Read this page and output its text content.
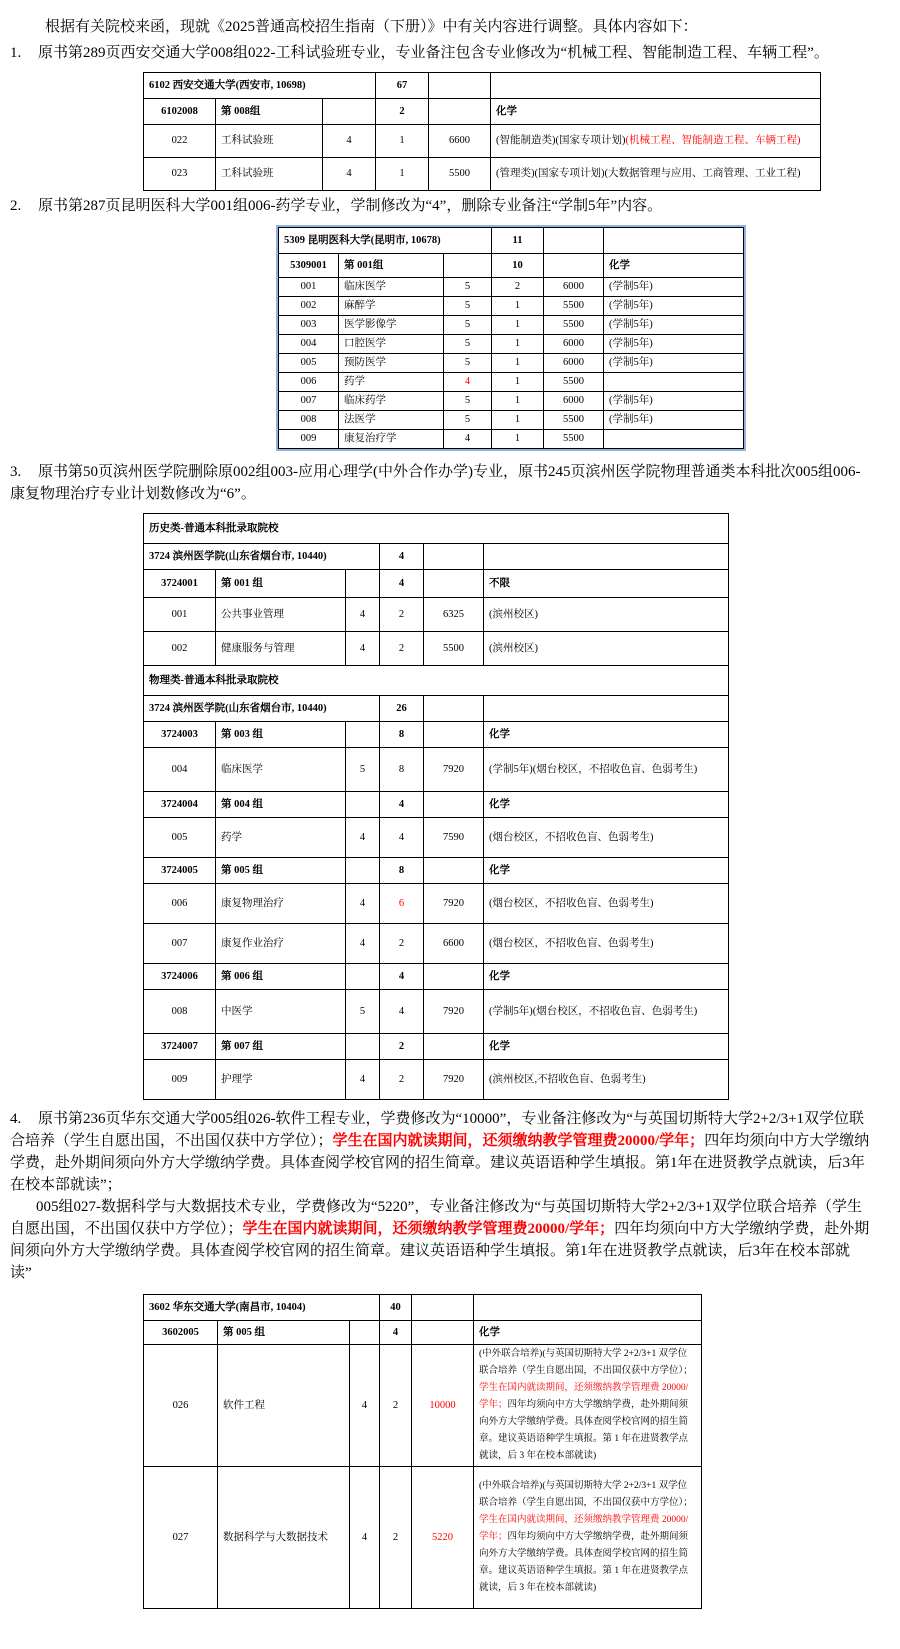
根据有关院校来函，现就《2025普通高校招生指南（下册）》中有关内容进行调整。具体内容如下：

1. 原书第289页西安交通大学008组022-工科试验班专业，专业备注包含专业修改为“机械工程、智能制造工程、车辆工程”。

6102 西安交通大学(西安市, 10698)			67		
6102008	第 008组		2		化学
022	工科试验班	4	1	6600	(智能制造类)(国家专项计划)(机械工程、智能制造工程、车辆工程)
023	工科试验班	4	1	5500	(管理类)(国家专项计划)(大数据管理与应用、工商管理、工业工程)

2. 原书第287页昆明医科大学001组006-药学专业，学制修改为“4”，删除专业备注“学制5年”内容。

5309 昆明医科大学(昆明市, 10678)			11		
5309001	第 001组		10		化学
001	临床医学	5	2	6000	(学制5年)
002	麻醉学	5	1	5500	(学制5年)
003	医学影像学	5	1	5500	(学制5年)
004	口腔医学	5	1	6000	(学制5年)
005	预防医学	5	1	6000	(学制5年)
006	药学	4	1	5500	
007	临床药学	5	1	6000	(学制5年)
008	法医学	5	1	5500	(学制5年)
009	康复治疗学	4	1	5500	

3. 原书第50页滨州医学院删除原002组003-应用心理学(中外合作办学)专业，原书245页滨州医学院物理普通类本科批次005组006-康复物理治疗专业计划数修改为“6”。

历史类-普通本科批录取院校					
3724 滨州医学院(山东省烟台市, 10440)			4		
3724001	第 001 组		4		不限
001	公共事业管理	4	2	6325	(滨州校区)
002	健康服务与管理	4	2	5500	(滨州校区)
物理类-普通本科批录取院校					
3724 滨州医学院(山东省烟台市, 10440)			26		
3724003	第 003 组		8		化学
004	临床医学	5	8	7920	(学制5年)(烟台校区，不招收色盲、色弱考生)
3724004	第 004 组		4		化学
005	药学	4	4	7590	(烟台校区，不招收色盲、色弱考生)
3724005	第 005 组		8		化学
006	康复物理治疗	4	6	7920	(烟台校区，不招收色盲、色弱考生)
007	康复作业治疗	4	2	6600	(烟台校区，不招收色盲、色弱考生)
3724006	第 006 组		4		化学
008	中医学	5	4	7920	(学制5年)(烟台校区，不招收色盲、色弱考生)
3724007	第 007 组		2		化学
009	护理学	4	2	7920	(滨州校区,不招收色盲、色弱考生)

4. 原书第236页华东交通大学005组026-软件工程专业，学费修改为“10000”，专业备注修改为“与英国切斯特大学2+2/3+1双学位联合培养（学生自愿出国，不出国仅获中方学位）；学生在国内就读期间，还须缴纳教学管理费20000/学年；四年均须向中方大学缴纳学费，赴外期间须向外方大学缴纳学费。具体查阅学校官网的招生简章。建议英语语种学生填报。第1年在进贤教学点就读，后3年在校本部就读”；

005组027-数据科学与大数据技术专业，学费修改为“5220”，专业备注修改为“与英国切斯特大学2+2/3+1双学位联合培养（学生自愿出国，不出国仅获中方学位）；学生在国内就读期间，还须缴纳教学管理费20000/学年；四年均须向中方大学缴纳学费，赴外期间须向外方大学缴纳学费。具体查阅学校官网的招生简章。建议英语语种学生填报。第1年在进贤教学点就读，后3年在校本部就读”

3602 华东交通大学(南昌市, 10404)			40		
3602005	第 005 组		4		化学
026	软件工程	4	2	10000	(中外联合培养)(与英国切斯特大学 2+2/3+1 双学位联合培养（学生自愿出国，不出国仅获中方学位）；学生在国内就读期间，还须缴纳教学管理费 20000/学年；四年均须向中方大学缴纳学费，赴外期间须向外方大学缴纳学费。具体查阅学校官网的招生简章。建议英语语种学生填报。第 1 年在进贤教学点就读，后 3 年在校本部就读)
027	数据科学与大数据技术	4	2	5220	(中外联合培养)(与英国切斯特大学 2+2/3+1 双学位联合培养（学生自愿出国，不出国仅获中方学位）；学生在国内就读期间，还须缴纳教学管理费 20000/学年；四年均须向中方大学缴纳学费，赴外期间须向外方大学缴纳学费。具体查阅学校官网的招生简章。建议英语语种学生填报。第 1 年在进贤教学点就读，后 3 年在校本部就读)
